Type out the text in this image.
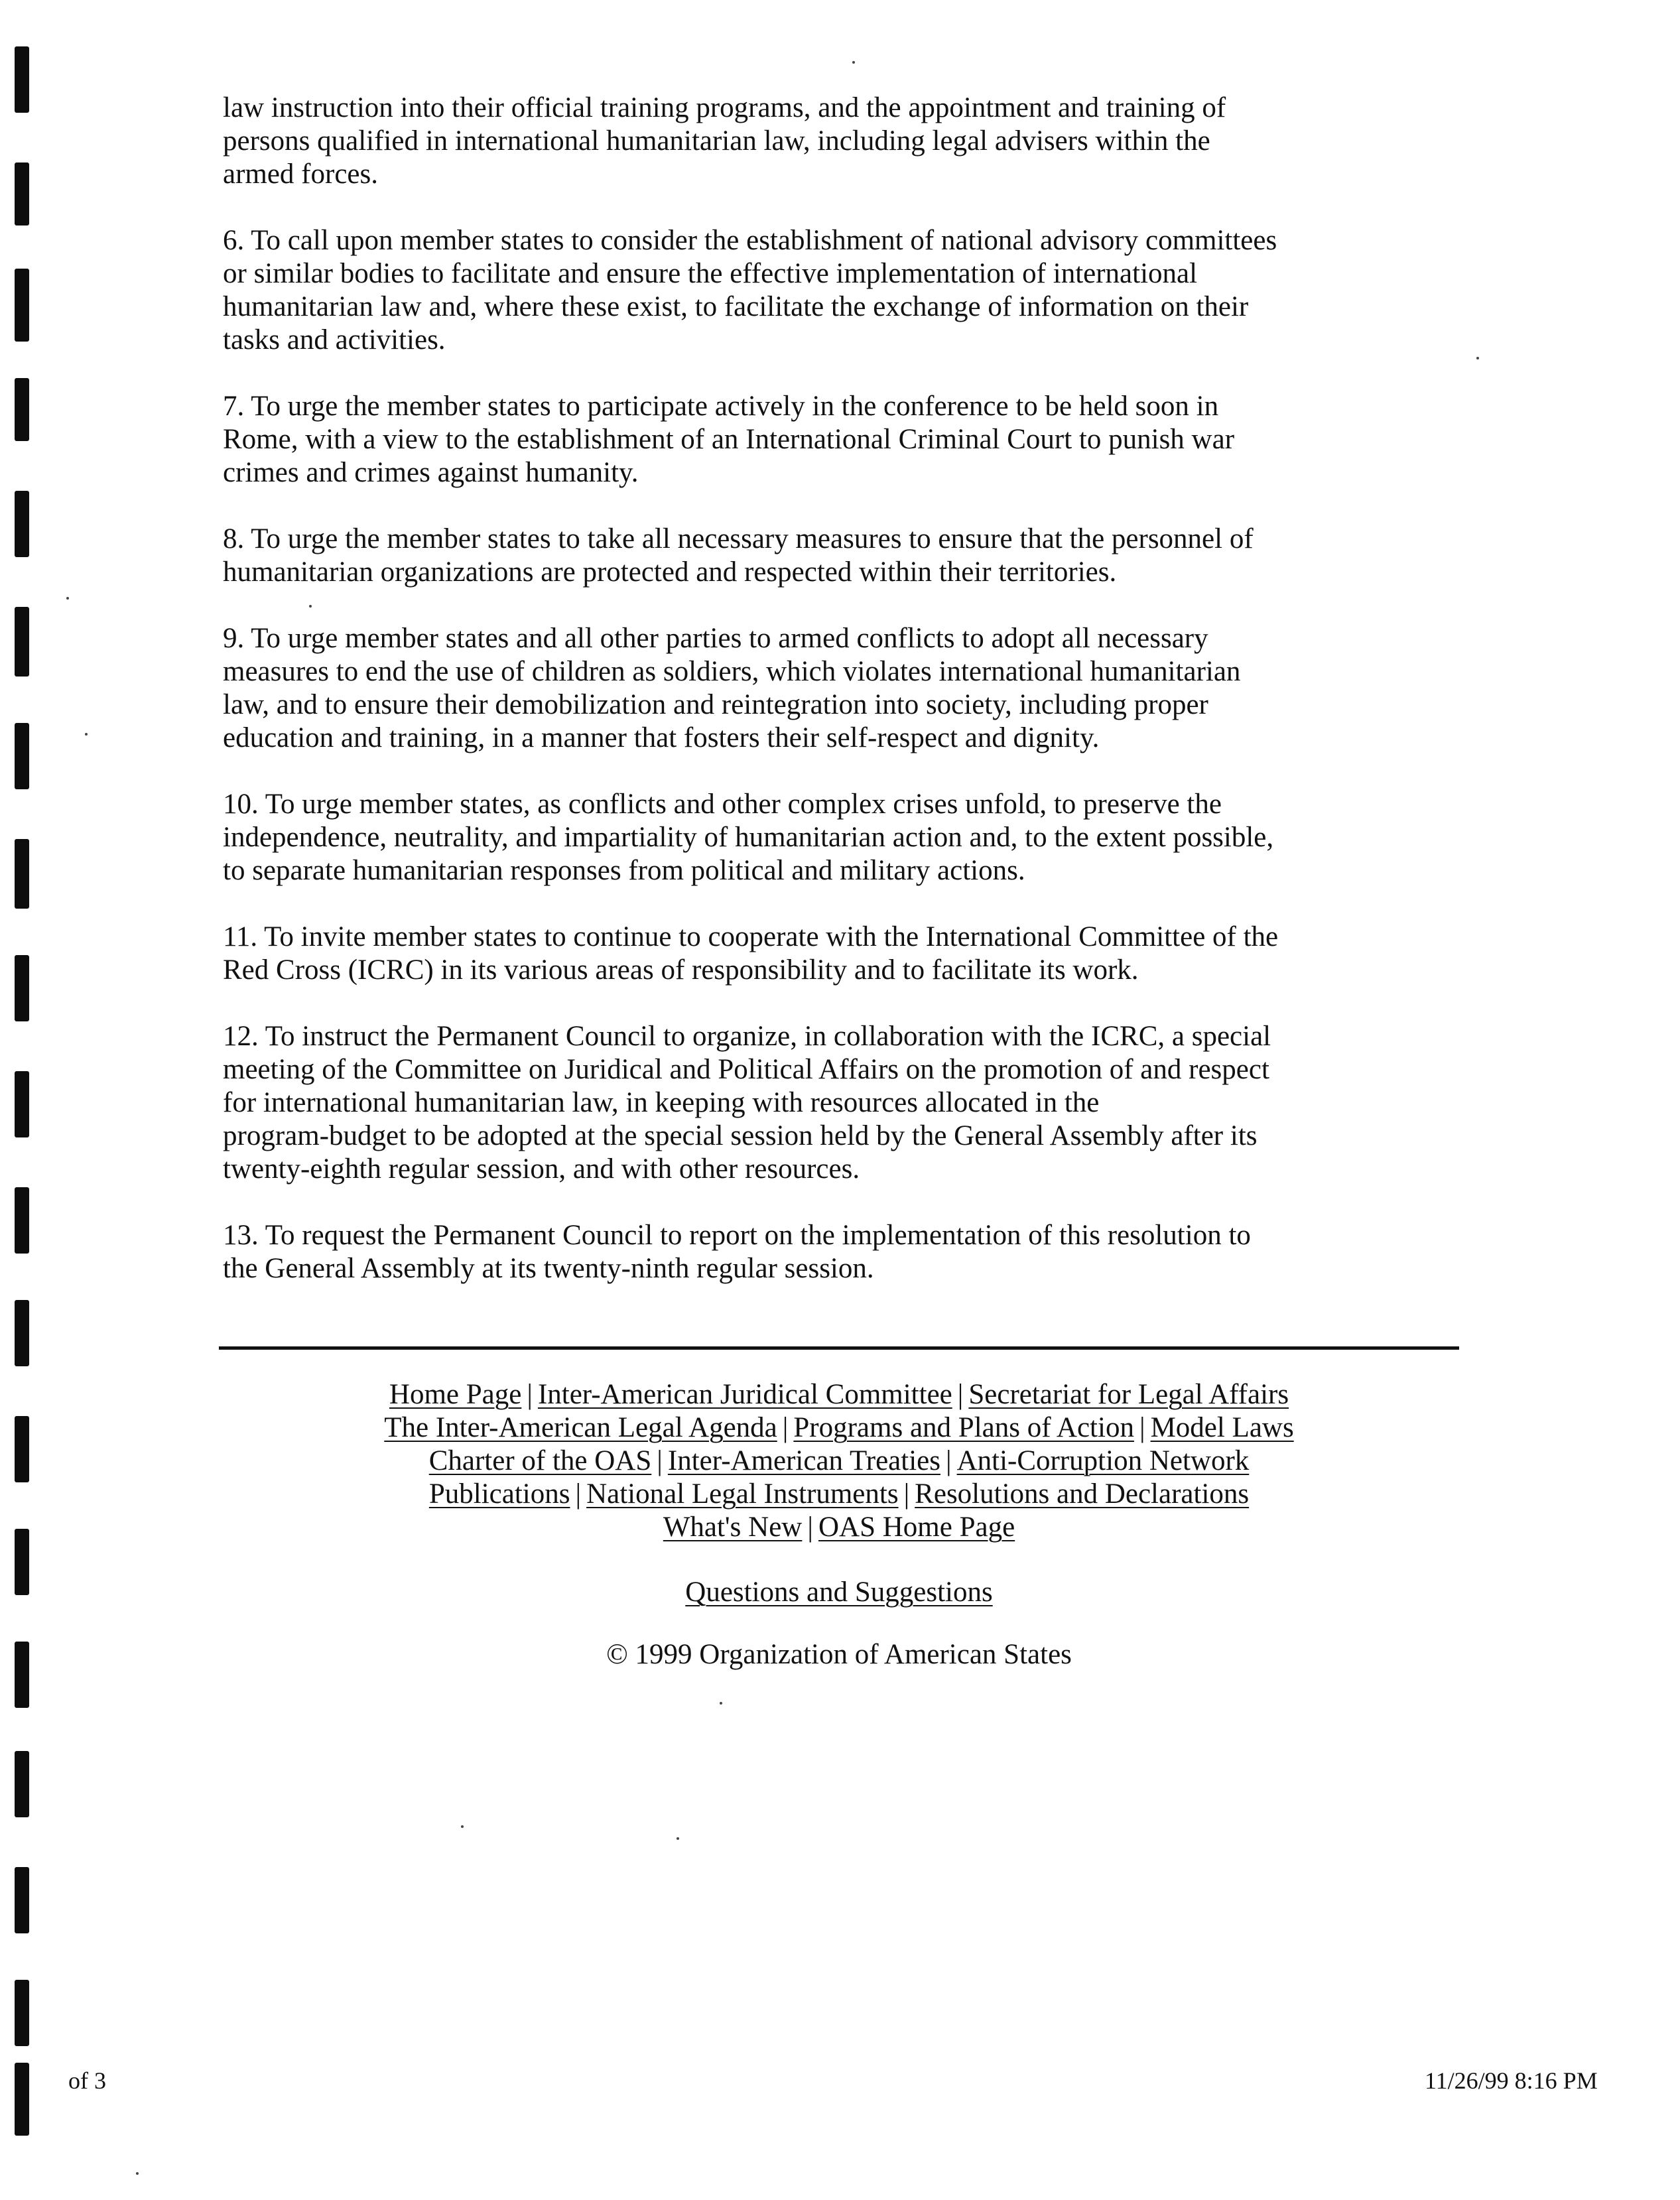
law instruction into their official training programs, and the appointment and training of
persons qualified in international humanitarian law, including legal advisers within the
armed forces.

6. To call upon member states to consider the establishment of national advisory committees
or similar bodies to facilitate and ensure the effective implementation of international
humanitarian law and, where these exist, to facilitate the exchange of information on their
tasks and activities.

7. To urge the member states to participate actively in the conference to be held soon in
Rome, with a view to the establishment of an International Criminal Court to punish war
crimes and crimes against humanity.

8. To urge the member states to take all necessary measures to ensure that the personnel of
humanitarian organizations are protected and respected within their territories.

9. To urge member states and all other parties to armed conflicts to adopt all necessary
measures to end the use of children as soldiers, which violates international humanitarian
law, and to ensure their demobilization and reintegration into society, including proper
education and training, in a manner that fosters their self-respect and dignity.

10. To urge member states, as conflicts and other complex crises unfold, to preserve the
independence, neutrality, and impartiality of humanitarian action and, to the extent possible,
to separate humanitarian responses from political and military actions.

11. To invite member states to continue to cooperate with the International Committee of the
Red Cross (ICRC) in its various areas of responsibility and to facilitate its work.

12. To instruct the Permanent Council to organize, in collaboration with the ICRC, a special
meeting of the Committee on Juridical and Political Affairs on the promotion of and respect
for international humanitarian law, in keeping with resources allocated in the
program-budget to be adopted at the special session held by the General Assembly after its
twenty-eighth regular session, and with other resources.

13. To request the Permanent Council to report on the implementation of this resolution to
the General Assembly at its twenty-ninth regular session.

Home Page | Inter-American Juridical Committee | Secretariat for Legal Affairs
The Inter-American Legal Agenda | Programs and Plans of Action | Model Laws
Charter of the OAS | Inter-American Treaties | Anti-Corruption Network
Publications | National Legal Instruments | Resolutions and Declarations
What's New | OAS Home Page
Questions and Suggestions
© 1999 Organization of American States
of 3	11/26/99 8:16 PM
